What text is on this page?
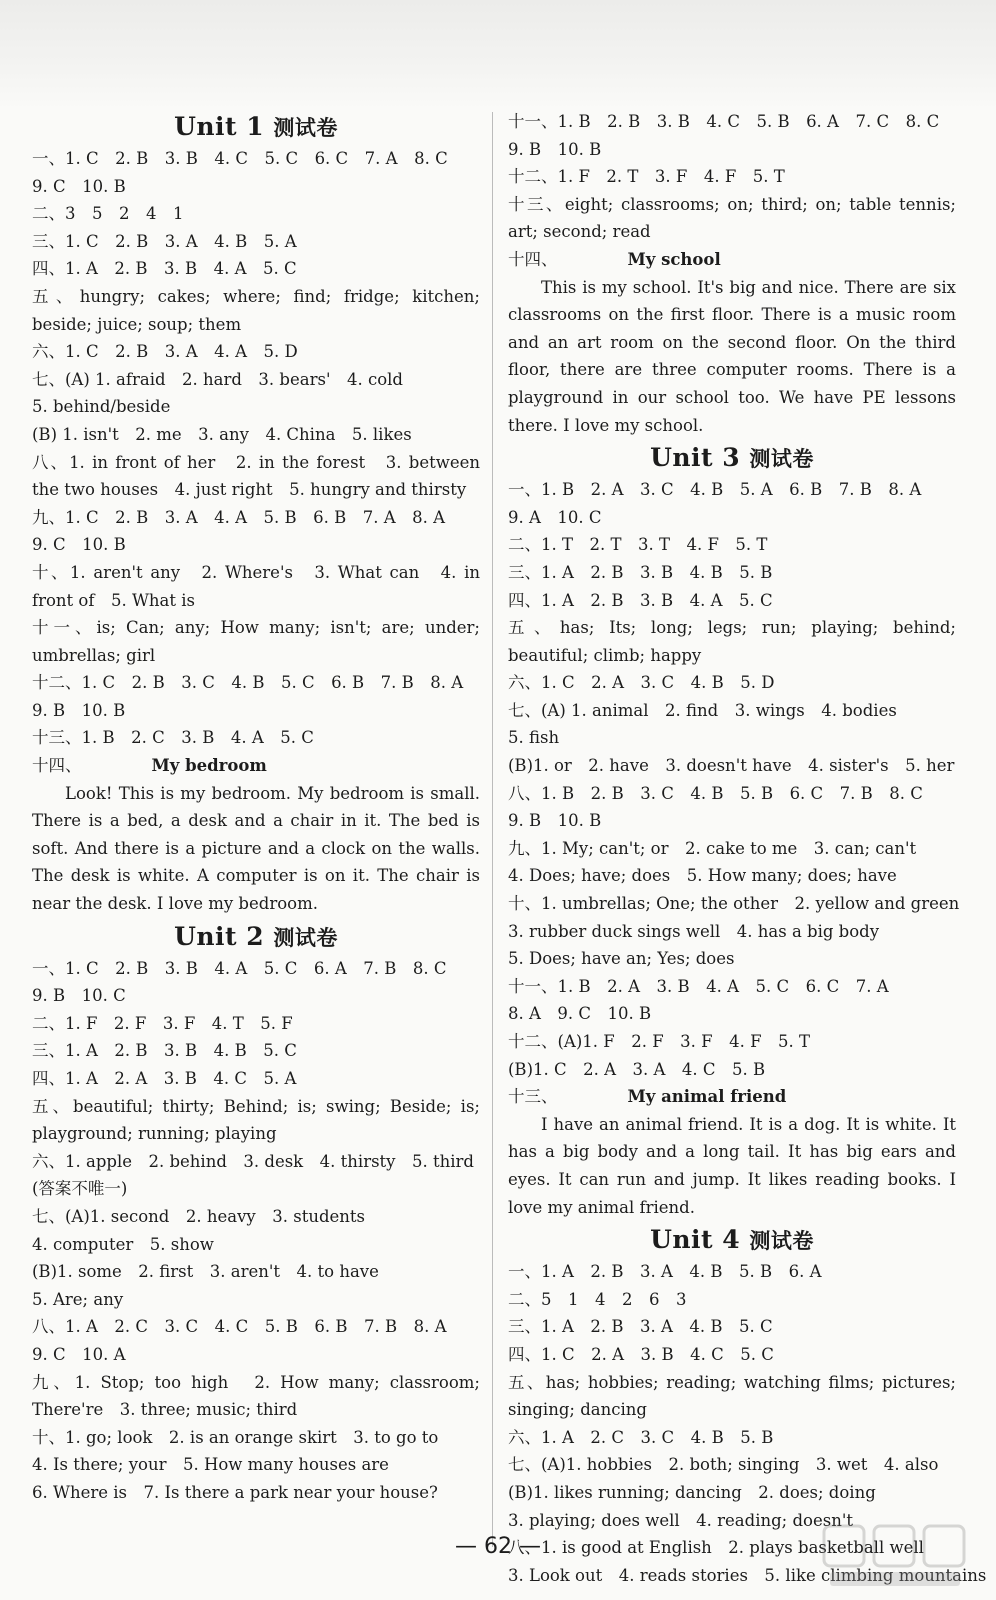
Unit 1 测试卷
一、1. C　2. B　3. B　4. C　5. C　6. C　7. A　8. C
9. C　10. B
二、3　5　2　4　1
三、1. C　2. B　3. A　4. B　5. A
四、1. A　2. B　3. B　4. A　5. C
五、hungry; cakes; where; find; fridge; kitchen; beside; juice; soup; them
六、1. C　2. B　3. A　4. A　5. D
七、(A) 1. afraid　2. hard　3. bears'　4. cold
5. behind/beside
(B) 1. isn't　2. me　3. any　4. China　5. likes
八、1. in front of her　2. in the forest　3. between the two houses　4. just right　5. hungry and thirsty
九、1. C　2. B　3. A　4. A　5. B　6. B　7. A　8. A
9. C　10. B
十、1. aren't any　2. Where's　3. What can　4. in front of　5. What is
十一、is; Can; any; How many; isn't; are; under; umbrellas; girl
十二、1. C　2. B　3. C　4. B　5. C　6. B　7. B　8. A
9. B　10. B
十三、1. B　2. C　3. B　4. A　5. C
十四、	My bedroom
Look! This is my bedroom. My bedroom is small. There is a bed, a desk and a chair in it. The bed is soft. And there is a picture and a clock on the walls. The desk is white. A computer is on it. The chair is near the desk. I love my bedroom.
Unit 2 测试卷
一、1. C　2. B　3. B　4. A　5. C　6. A　7. B　8. C
9. B　10. C
二、1. F　2. F　3. F　4. T　5. F
三、1. A　2. B　3. B　4. B　5. C
四、1. A　2. A　3. B　4. C　5. A
五、beautiful; thirty; Behind; is; swing; Beside; is; playground; running; playing
六、1. apple　2. behind　3. desk　4. thirsty　5. third
(答案不唯一)
七、(A)1. second　2. heavy　3. students
4. computer　5. show
(B)1. some　2. first　3. aren't　4. to have
5. Are; any
八、1. A　2. C　3. C　4. C　5. B　6. B　7. B　8. A
9. C　10. A
九、1. Stop; too high　2. How many; classroom; There're　3. three; music; third
十、1. go; look　2. is an orange skirt　3. to go to
4. Is there; your　5. How many houses are
6. Where is　7. Is there a park near your house?
十一、1. B　2. B　3. B　4. C　5. B　6. A　7. C　8. C
9. B　10. B
十二、1. F　2. T　3. F　4. F　5. T
十三、eight; classrooms; on; third; on; table tennis; art; second; read
十四、	My school
This is my school. It's big and nice. There are six classrooms on the first floor. There is a music room and an art room on the second floor. On the third floor, there are three computer rooms. There is a playground in our school too. We have PE lessons there. I love my school.
Unit 3 测试卷
一、1. B　2. A　3. C　4. B　5. A　6. B　7. B　8. A
9. A　10. C
二、1. T　2. T　3. T　4. F　5. T
三、1. A　2. B　3. B　4. B　5. B
四、1. A　2. B　3. B　4. A　5. C
五、has; Its; long; legs; run; playing; behind; beautiful; climb; happy
六、1. C　2. A　3. C　4. B　5. D
七、(A) 1. animal　2. find　3. wings　4. bodies
5. fish
(B)1. or　2. have　3. doesn't have　4. sister's　5. her
八、1. B　2. B　3. C　4. B　5. B　6. C　7. B　8. C
9. B　10. B
九、1. My; can't; or　2. cake to me　3. can; can't
4. Does; have; does　5. How many; does; have
十、1. umbrellas; One; the other　2. yellow and green
3. rubber duck sings well　4. has a big body
5. Does; have an; Yes; does
十一、1. B　2. A　3. B　4. A　5. C　6. C　7. A
8. A　9. C　10. B
十二、(A)1. F　2. F　3. F　4. F　5. T
(B)1. C　2. A　3. A　4. C　5. B
十三、	My animal friend
I have an animal friend. It is a dog. It is white. It has a big body and a long tail. It has big ears and eyes. It can run and jump. It likes reading books. I love my animal friend.
Unit 4 测试卷
一、1. A　2. B　3. A　4. B　5. B　6. A
二、5　1　4　2　6　3
三、1. A　2. B　3. A　4. B　5. C
四、1. C　2. A　3. B　4. C　5. C
五、has; hobbies; reading; watching films; pictures; singing; dancing
六、1. A　2. C　3. C　4. B　5. B
七、(A)1. hobbies　2. both; singing　3. wet　4. also
(B)1. likes running; dancing　2. does; doing
3. playing; does well　4. reading; doesn't
八、1. is good at English　2. plays basketball well
3. Look out　4. reads stories　5. like climbing mountains
— 62 —
